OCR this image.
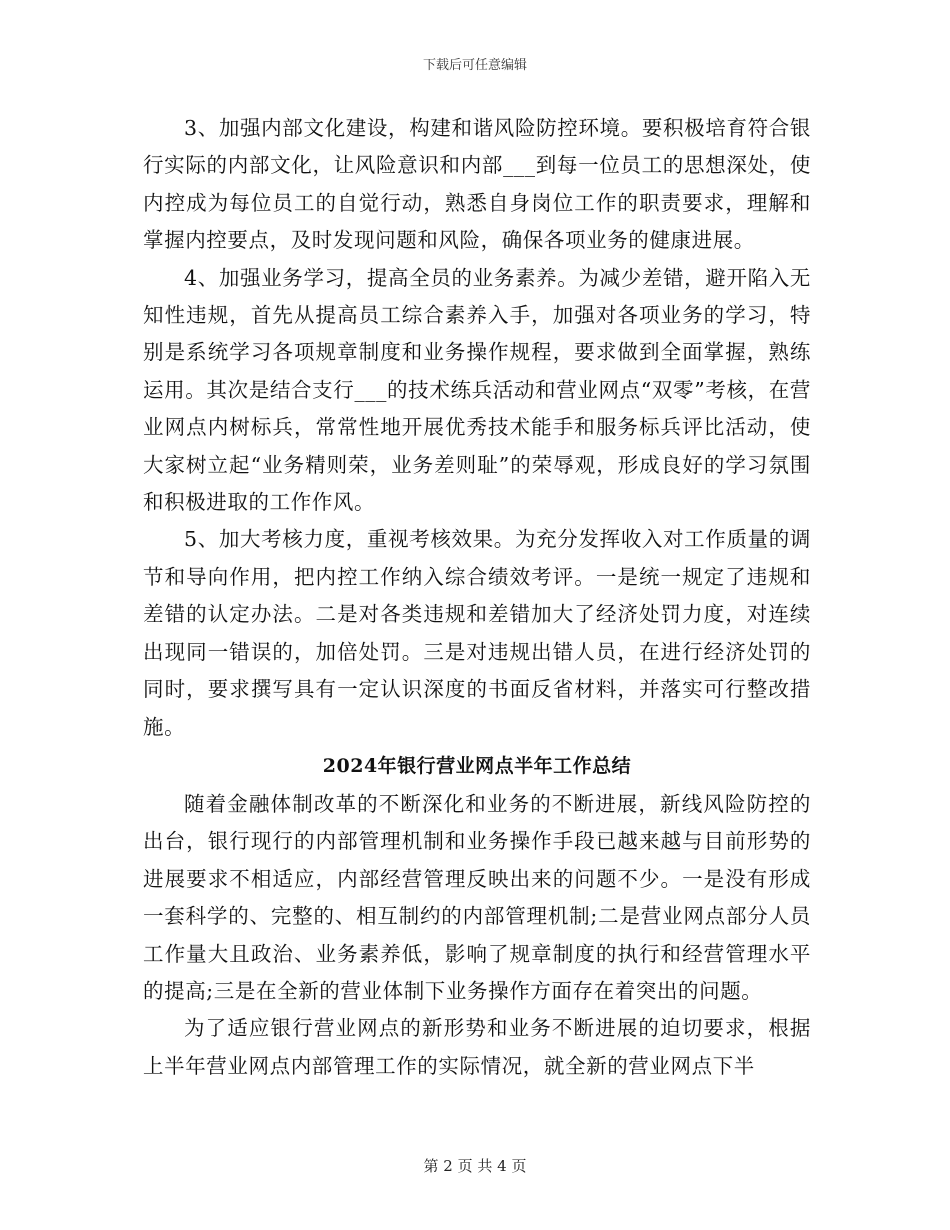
下载后可任意编辑

3、加强内部文化建设，构建和谐风险防控环境。要积极培育符合银行实际的内部文化，让风险意识和内部___到每一位员工的思想深处，使内控成为每位员工的自觉行动，熟悉自身岗位工作的职责要求，理解和掌握内控要点，及时发现问题和风险，确保各项业务的健康进展。

4、加强业务学习，提高全员的业务素养。为减少差错，避开陷入无知性违规，首先从提高员工综合素养入手，加强对各项业务的学习，特别是系统学习各项规章制度和业务操作规程，要求做到全面掌握，熟练运用。其次是结合支行___的技术练兵活动和营业网点“双零”考核，在营业网点内树标兵，常常性地开展优秀技术能手和服务标兵评比活动，使大家树立起“业务精则荣，业务差则耻”的荣辱观，形成良好的学习氛围和积极进取的工作作风。

5、加大考核力度，重视考核效果。为充分发挥收入对工作质量的调节和导向作用，把内控工作纳入综合绩效考评。一是统一规定了违规和差错的认定办法。二是对各类违规和差错加大了经济处罚力度，对连续出现同一错误的，加倍处罚。三是对违规出错人员，在进行经济处罚的同时，要求撰写具有一定认识深度的书面反省材料，并落实可行整改措施。

2024年银行营业网点半年工作总结

随着金融体制改革的不断深化和业务的不断进展，新线风险防控的出台，银行现行的内部管理机制和业务操作手段已越来越与目前形势的进展要求不相适应，内部经营管理反映出来的问题不少。一是没有形成一套科学的、完整的、相互制约的内部管理机制;二是营业网点部分人员工作量大且政治、业务素养低，影响了规章制度的执行和经营管理水平的提高;三是在全新的营业体制下业务操作方面存在着突出的问题。

为了适应银行营业网点的新形势和业务不断进展的迫切要求，根据上半年营业网点内部管理工作的实际情况，就全新的营业网点下半

第 2 页 共 4 页
